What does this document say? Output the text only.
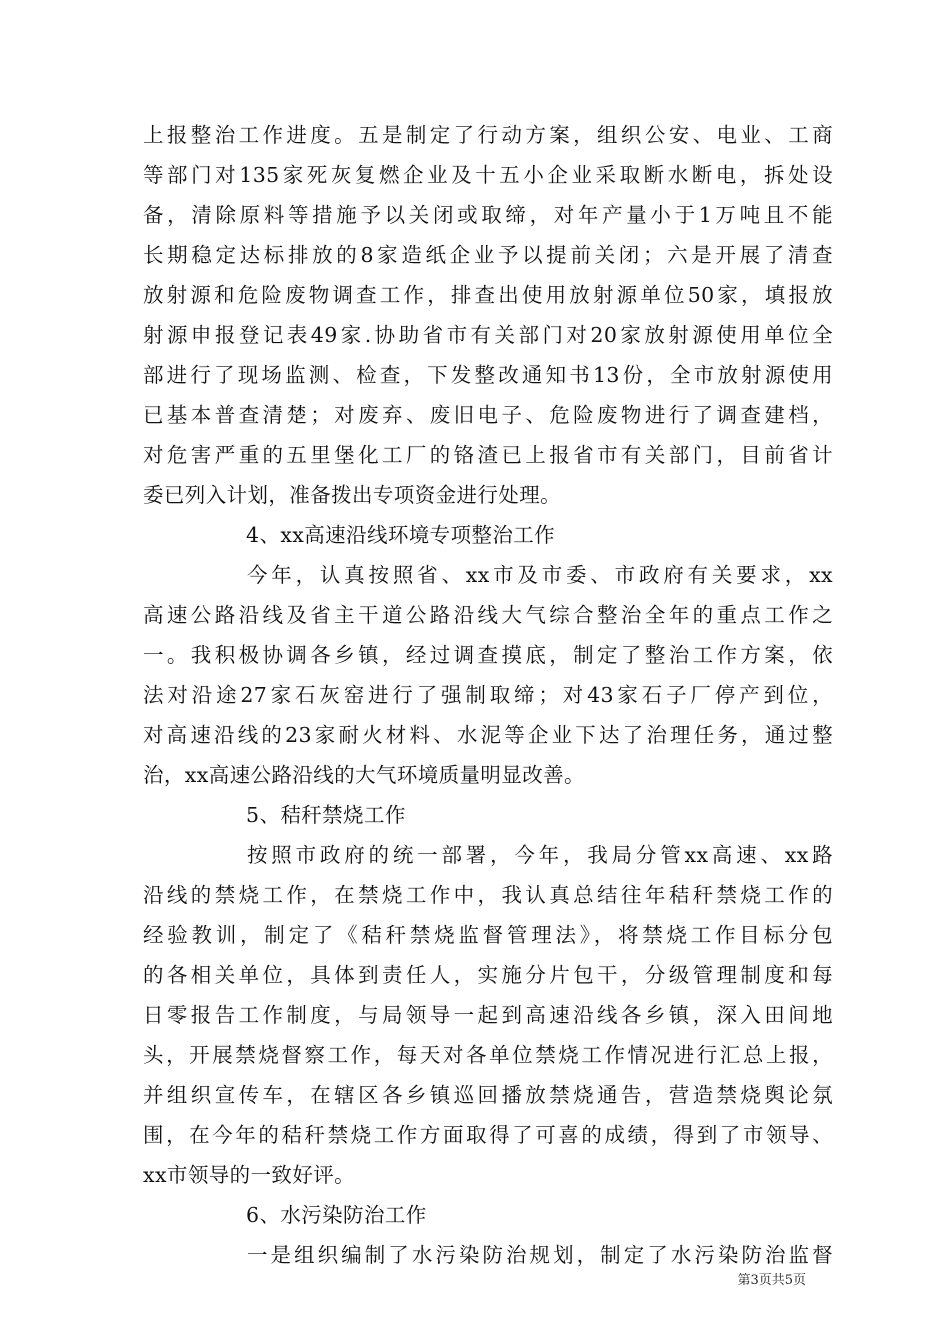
上报整治工作进度。五是制定了行动方案，组织公安、电业、工商
等部门对135家死灰复燃企业及十五小企业采取断水断电，拆处设
备，清除原料等措施予以关闭或取缔，对年产量小于1万吨且不能
长期稳定达标排放的8家造纸企业予以提前关闭；六是开展了清查
放射源和危险废物调查工作，排查出使用放射源单位50家，填报放
射源申报登记表49家.协助省市有关部门对20家放射源使用单位全
部进行了现场监测、检查，下发整改通知书13份，全市放射源使用
已基本普查清楚；对废弃、废旧电子、危险废物进行了调查建档，
对危害严重的五里堡化工厂的铬渣已上报省市有关部门，目前省计
委已列入计划，准备拨出专项资金进行处理。
4、xx高速沿线环境专项整治工作
今年，认真按照省、xx市及市委、市政府有关要求，xx
高速公路沿线及省主干道公路沿线大气综合整治全年的重点工作之
一。我积极协调各乡镇，经过调查摸底，制定了整治工作方案，依
法对沿途27家石灰窑进行了强制取缔；对43家石子厂停产到位，
对高速沿线的23家耐火材料、水泥等企业下达了治理任务，通过整
治，xx高速公路沿线的大气环境质量明显改善。
5、秸秆禁烧工作
按照市政府的统一部署，今年，我局分管xx高速、xx路
沿线的禁烧工作，在禁烧工作中，我认真总结往年秸秆禁烧工作的
经验教训，制定了《秸秆禁烧监督管理法》，将禁烧工作目标分包
的各相关单位，具体到责任人，实施分片包干，分级管理制度和每
日零报告工作制度，与局领导一起到高速沿线各乡镇，深入田间地
头，开展禁烧督察工作，每天对各单位禁烧工作情况进行汇总上报，
并组织宣传车，在辖区各乡镇巡回播放禁烧通告，营造禁烧舆论氛
围，在今年的秸秆禁烧工作方面取得了可喜的成绩，得到了市领导、
xx市领导的一致好评。
6、水污染防治工作
一是组织编制了水污染防治规划，制定了水污染防治监督
第3页共5页
